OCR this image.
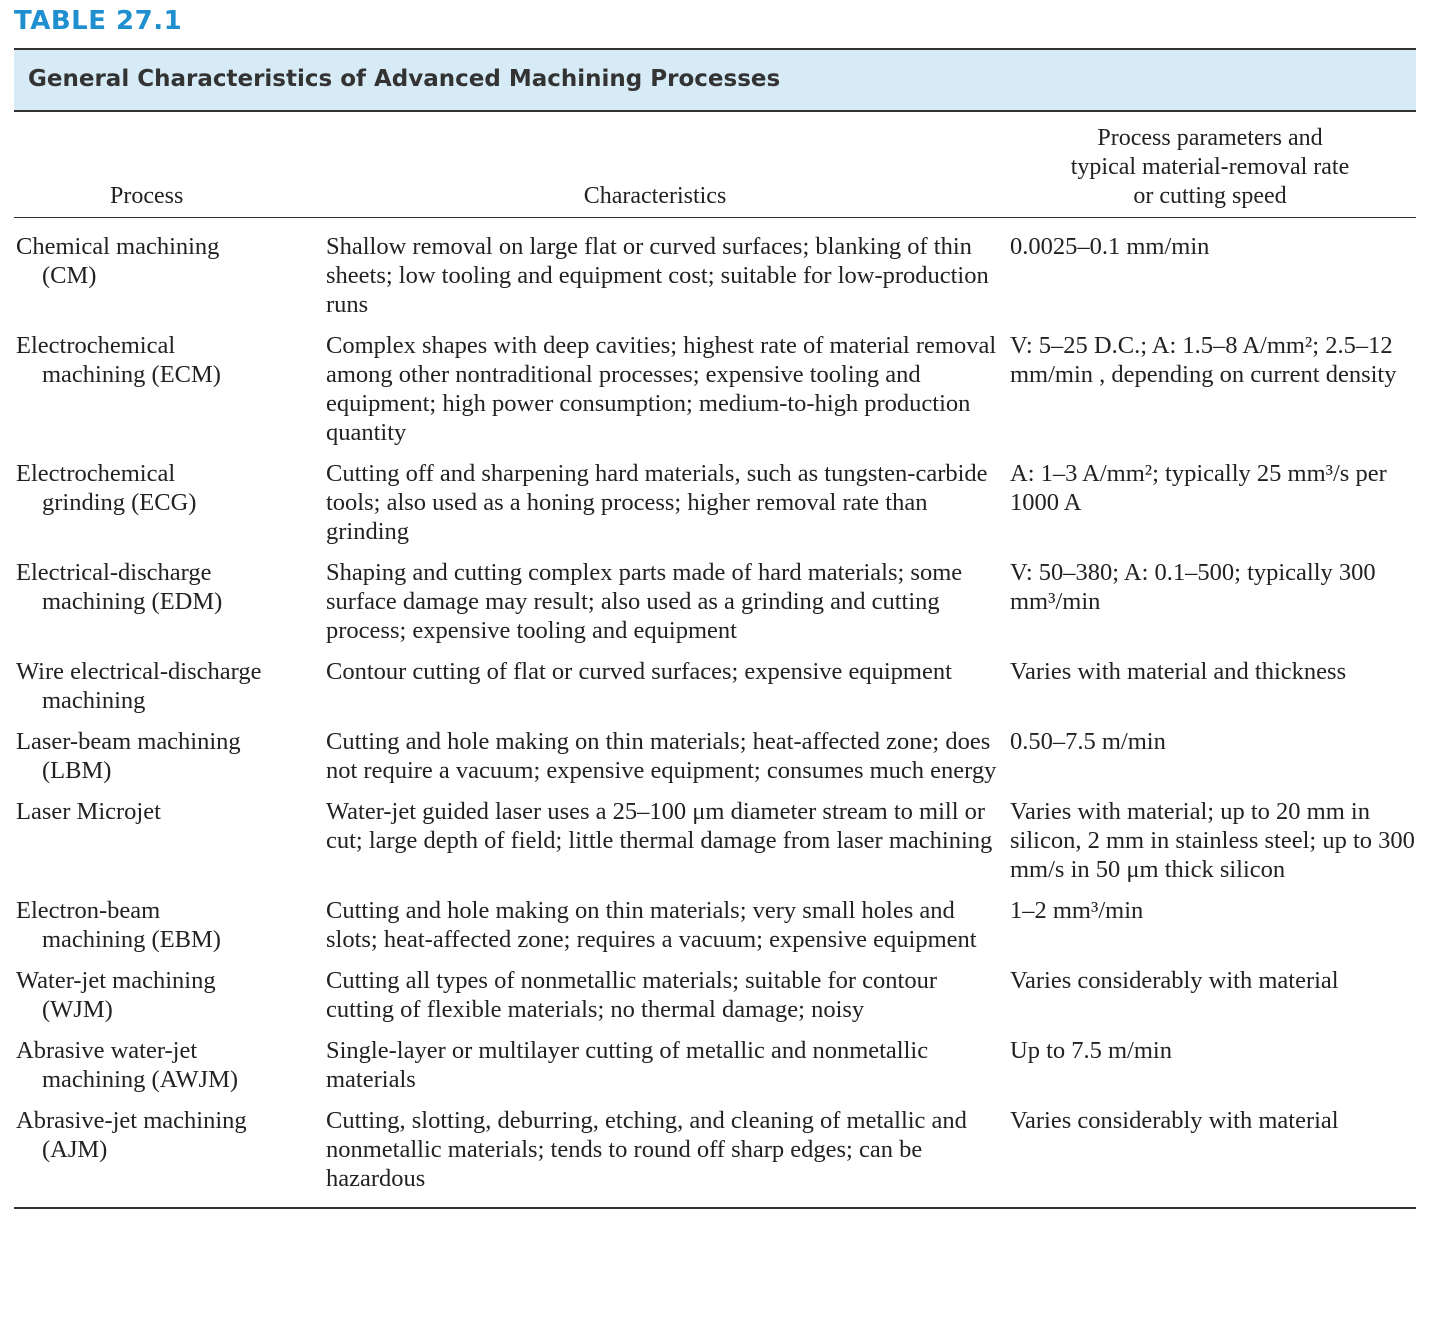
TABLE 27.1
General Characteristics of Advanced Machining Processes
Process	Characteristics	Process parameters and
typical material-removal rate
or cutting speed

Chemical machining
(CM)	Shallow removal on large flat or curved surfaces; blanking of thin sheets; low tooling and equipment cost; suitable for low-production runs	0.0025–0.1 mm/min
Electrochemical
machining (ECM)	Complex shapes with deep cavities; highest rate of material removal among other nontraditional processes; expensive tooling and equipment; high power consumption; medium-to-high production quantity	V: 5–25 D.C.; A: 1.5–8 A/mm²; 2.5–12 mm/min , depending on current density
Electrochemical
grinding (ECG)	Cutting off and sharpening hard materials, such as tungsten-carbide tools; also used as a honing process; higher removal rate than grinding	A: 1–3 A/mm²; typically 25 mm³/s per 1000 A
Electrical-discharge
machining (EDM)	Shaping and cutting complex parts made of hard materials; some surface damage may result; also used as a grinding and cutting process; expensive tooling and equipment	V: 50–380; A: 0.1–500; typically 300 mm³/min
Wire electrical-discharge
machining	Contour cutting of flat or curved surfaces; expensive equipment	Varies with material and thickness
Laser-beam machining
(LBM)	Cutting and hole making on thin materials; heat-affected zone; does not require a vacuum; expensive equipment; consumes much energy	0.50–7.5 m/min
Laser Microjet	Water-jet guided laser uses a 25–100 μm diameter stream to mill or cut; large depth of field; little thermal damage from laser machining	Varies with material; up to 20 mm in silicon, 2 mm in stainless steel; up to 300 mm/s in 50 μm thick silicon
Electron-beam
machining (EBM)	Cutting and hole making on thin materials; very small holes and slots; heat-affected zone; requires a vacuum; expensive equipment	1–2 mm³/min
Water-jet machining
(WJM)	Cutting all types of nonmetallic materials; suitable for contour cutting of flexible materials; no thermal damage; noisy	Varies considerably with material
Abrasive water-jet
machining (AWJM)	Single-layer or multilayer cutting of metallic and nonmetallic materials	Up to 7.5 m/min
Abrasive-jet machining
(AJM)	Cutting, slotting, deburring, etching, and cleaning of metallic and nonmetallic materials; tends to round off sharp edges; can be hazardous	Varies considerably with material
